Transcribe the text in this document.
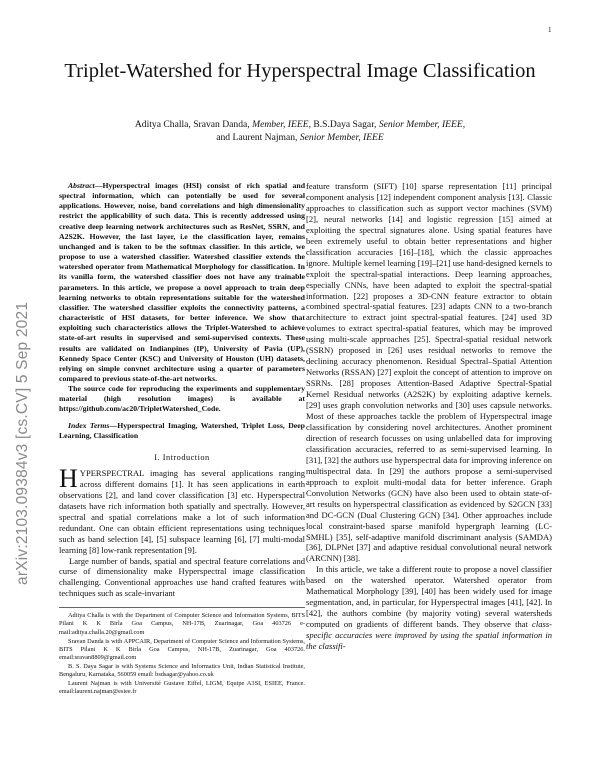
1
arXiv:2103.09384v3 [cs.CV] 5 Sep 2021
Triplet-Watershed for Hyperspectral Image Classification
Aditya Challa, Sravan Danda, Member, IEEE, B.S.Daya Sagar, Senior Member, IEEE,
and Laurent Najman, Senior Member, IEEE

Abstract—Hyperspectral images (HSI) consist of rich spatial and spectral information, which can potentially be used for several applications. However, noise, band correlations and high dimensionality restrict the applicability of such data. This is recently addressed using creative deep learning network architectures such as ResNet, SSRN, and A2S2K. However, the last layer, i.e the classification layer, remains unchanged and is taken to be the softmax classifier. In this article, we propose to use a watershed classifier. Watershed classifier extends the watershed operator from Mathematical Morphology for classification. In its vanilla form, the watershed classifier does not have any trainable parameters. In this article, we propose a novel approach to train deep learning networks to obtain representations suitable for the watershed classifier. The watershed classifier exploits the connectivity patterns, a characteristic of HSI datasets, for better inference. We show that exploiting such characteristics allows the Triplet-Watershed to achieve state-of-art results in supervised and semi-supervised contexts. These results are validated on Indianpines (IP), University of Pavia (UP), Kennedy Space Center (KSC) and University of Houston (UH) datasets, relying on simple convnet architecture using a quarter of parameters compared to previous state-of-the-art networks.

The source code for reproducing the experiments and supplementary material (high resolution images) is available at https://github.com/ac20/TripletWatershed_Code.

Index Terms—Hyperspectral Imaging, Watershed, Triplet Loss, Deep Learning, Classification

I. Introduction

HYPERSPECTRAL imaging has several applications ranging across different domains [1]. It has seen applications in earth observations [2], and land cover classification [3] etc. Hyperspectral datasets have rich information both spatially and spectrally. However, spectral and spatial correlations make a lot of such information redundant. One can obtain efficient representations using techniques such as band selection [4], [5] subspace learning [6], [7] multi-modal learning [8] low-rank representation [9].

Large number of bands, spatial and spectral feature correlations and curse of dimensionality make Hyperspectral image classification challenging. Conventional approaches use hand crafted features with techniques such as scale-invariant

Aditya Challa is with the Department of Computer Science and Information Systems, BITS Pilani K K Birla Goa Campus, NH-17B, Zuarinagar, Goa 403726 e-mail:aditya.challa.20@gmail.com

Sravan Danda is with APPCAIR, Department of Computer Science and Information Systems, BITS Pilani K K Birla Goa Campus, NH-17B, Zuarinagar, Goa 403726. email:sravan8809@gmail.com

B. S. Daya Sagar is with Systems Science and Informatics Unit, Indian Statistical Institute, Bengaluru, Karnataka, 560059 email: bsdsagar@yahoo.co.uk

Laurent Najman is with Université Gustave Eiffel, LIGM, Equipe A3SI, ESIEE, France. email:laurent.najman@esiee.fr

feature transform (SIFT) [10] sparse representation [11] principal component analysis [12] independent component analysis [13]. Classic approaches to classification such as support vector machines (SVM) [2], neural networks [14] and logistic regression [15] aimed at exploiting the spectral signatures alone. Using spatial features have been extremely useful to obtain better representations and higher classification accuracies [16]–[18], which the classic approaches ignore. Multiple kernel learning [19]–[21] use hand-designed kernels to exploit the spectral-spatial interactions. Deep learning approaches, especially CNNs, have been adapted to exploit the spectral-spatial information. [22] proposes a 3D-CNN feature extractor to obtain combined spectral-spatial features. [23] adapts CNN to a two-branch architecture to extract joint spectral-spatial features. [24] used 3D volumes to extract spectral-spatial features, which may be improved using multi-scale approaches [25]. Spectral-spatial residual network (SSRN) proposed in [26] uses residual networks to remove the declining accuracy phenomenon. Residual Spectral–Spatial Attention Networks (RSSAN) [27] exploit the concept of attention to improve on SSRNs. [28] proposes Attention-Based Adaptive Spectral-Spatial Kernel Residual networks (A2S2K) by exploiting adaptive kernels. [29] uses graph convolution networks and [30] uses capsule networks. Most of these approaches tackle the problem of Hyperspectral image classification by considering novel architectures. Another prominent direction of research focusses on using unlabelled data for improving classification accuracies, referred to as semi-supervised learning. In [31], [32] the authors use hyperspectral data for improving inference on multispectral data. In [29] the authors propose a semi-supervised approach to exploit multi-modal data for better inference. Graph Convolution Networks (GCN) have also been used to obtain state-of-art results on hyperspectral classification as evidenced by S2GCN [33] and DC-GCN (Dual Clustering GCN) [34]. Other approaches include local constraint-based sparse manifold hypergraph learning (LC-SMHL) [35], self-adaptive manifold discriminant analysis (SAMDA) [36], DLPNet [37] and adaptive residual convolutional neural network (ARCNN) [38].

In this article, we take a different route to propose a novel classifier based on the watershed operator. Watershed operator from Mathematical Morphology [39], [40] has been widely used for image segmentation, and, in particular, for Hyperspectral images [41], [42]. In [42], the authors combine (by majority voting) several watersheds computed on gradients of different bands. They observe that class-specific accuracies were improved by using the spatial information in the classifi-
